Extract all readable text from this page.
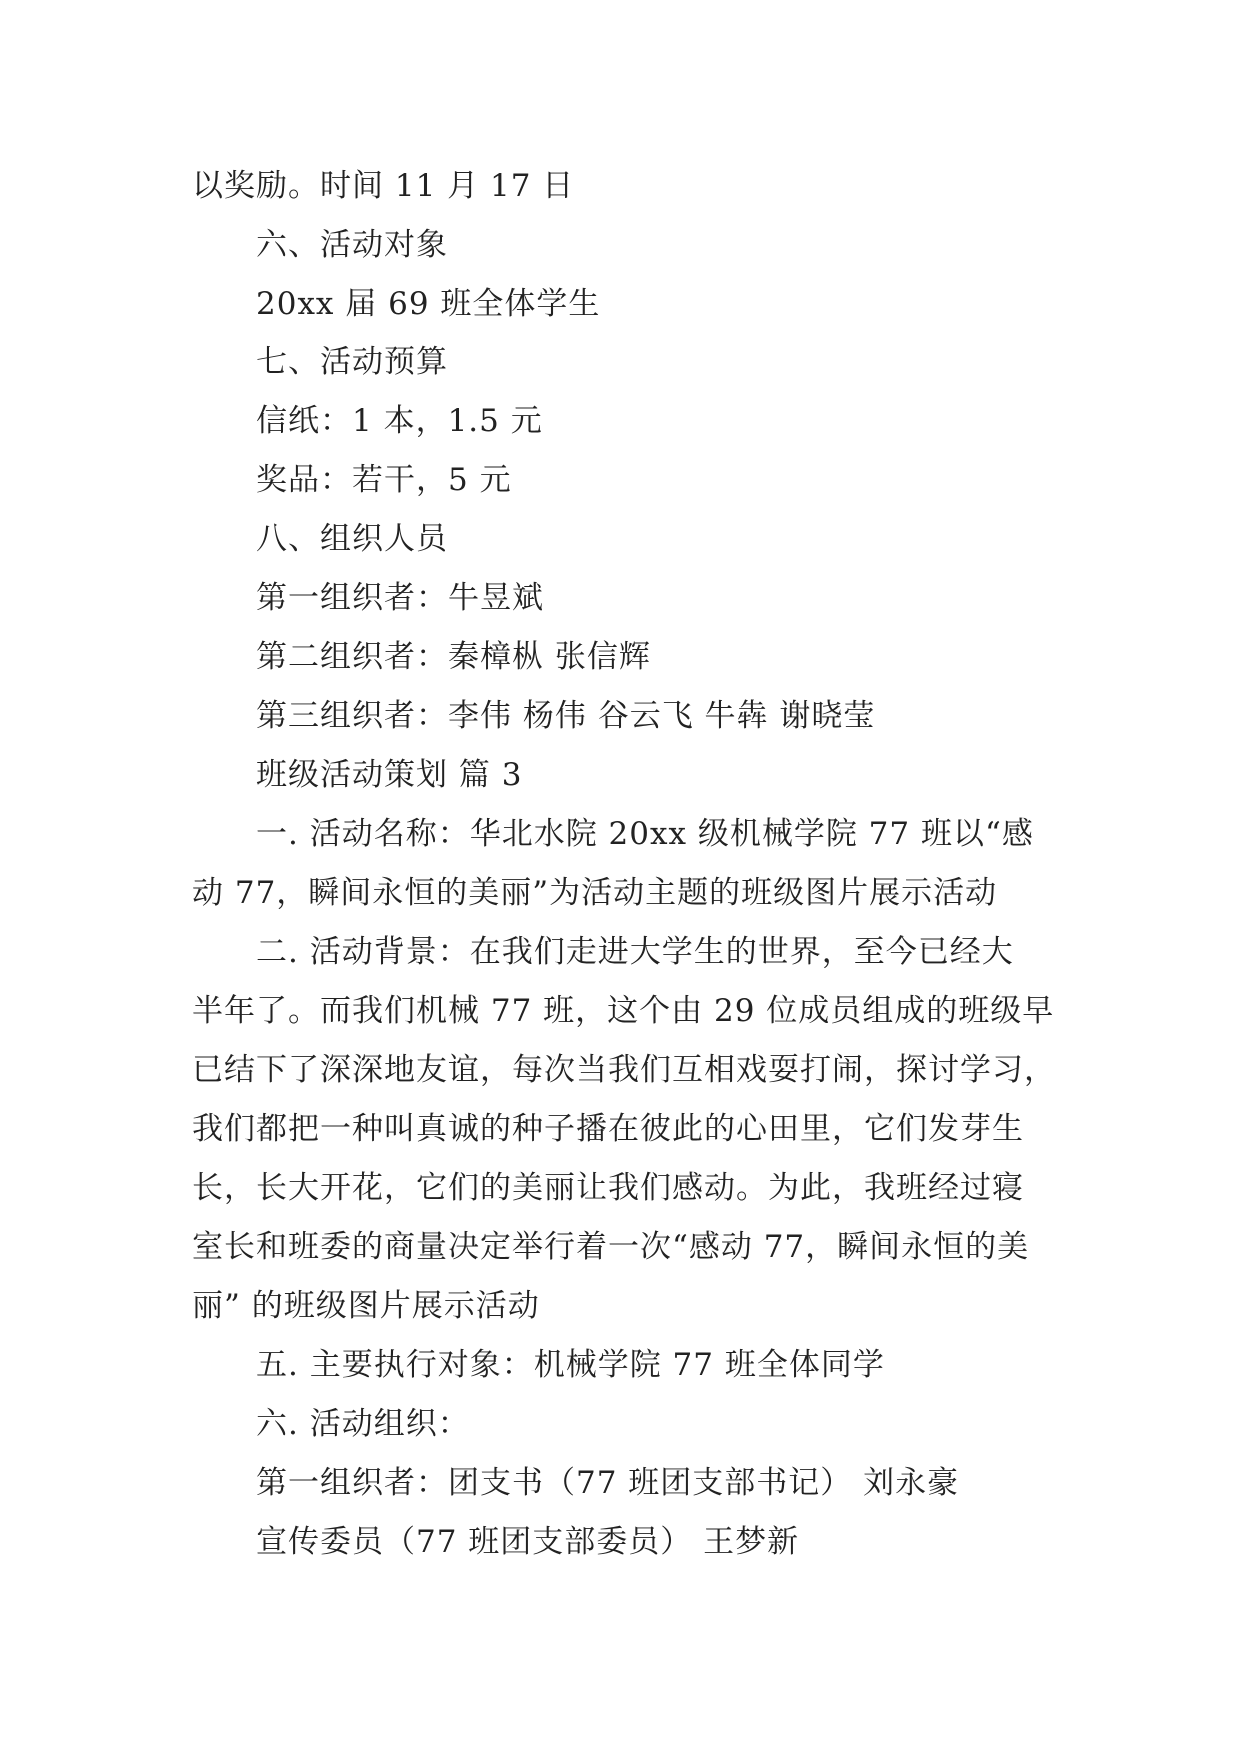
以奖励。时间 11 月 17 日
六、活动对象
20xx 届 69 班全体学生
七、活动预算
信纸：1 本，1.5 元
奖品：若干，5 元
八、组织人员
第一组织者：牛昱斌
第二组织者：秦樟枞 张信辉
第三组织者：李伟 杨伟 谷云飞 牛犇 谢晓莹
班级活动策划 篇 3
一. 活动名称：华北水院 20xx 级机械学院 77 班以“感
动 77，瞬间永恒的美丽”为活动主题的班级图片展示活动
二. 活动背景：在我们走进大学生的世界，至今已经大
半年了。而我们机械 77 班，这个由 29 位成员组成的班级早
已结下了深深地友谊，每次当我们互相戏耍打闹，探讨学习，
我们都把一种叫真诚的种子播在彼此的心田里，它们发芽生
长，长大开花，它们的美丽让我们感动。为此，我班经过寝
室长和班委的商量决定举行着一次“感动 77，瞬间永恒的美
丽” 的班级图片展示活动
五. 主要执行对象：机械学院 77 班全体同学
六. 活动组织：
第一组织者：团支书（77 班团支部书记） 刘永豪
宣传委员（77 班团支部委员） 王梦新
